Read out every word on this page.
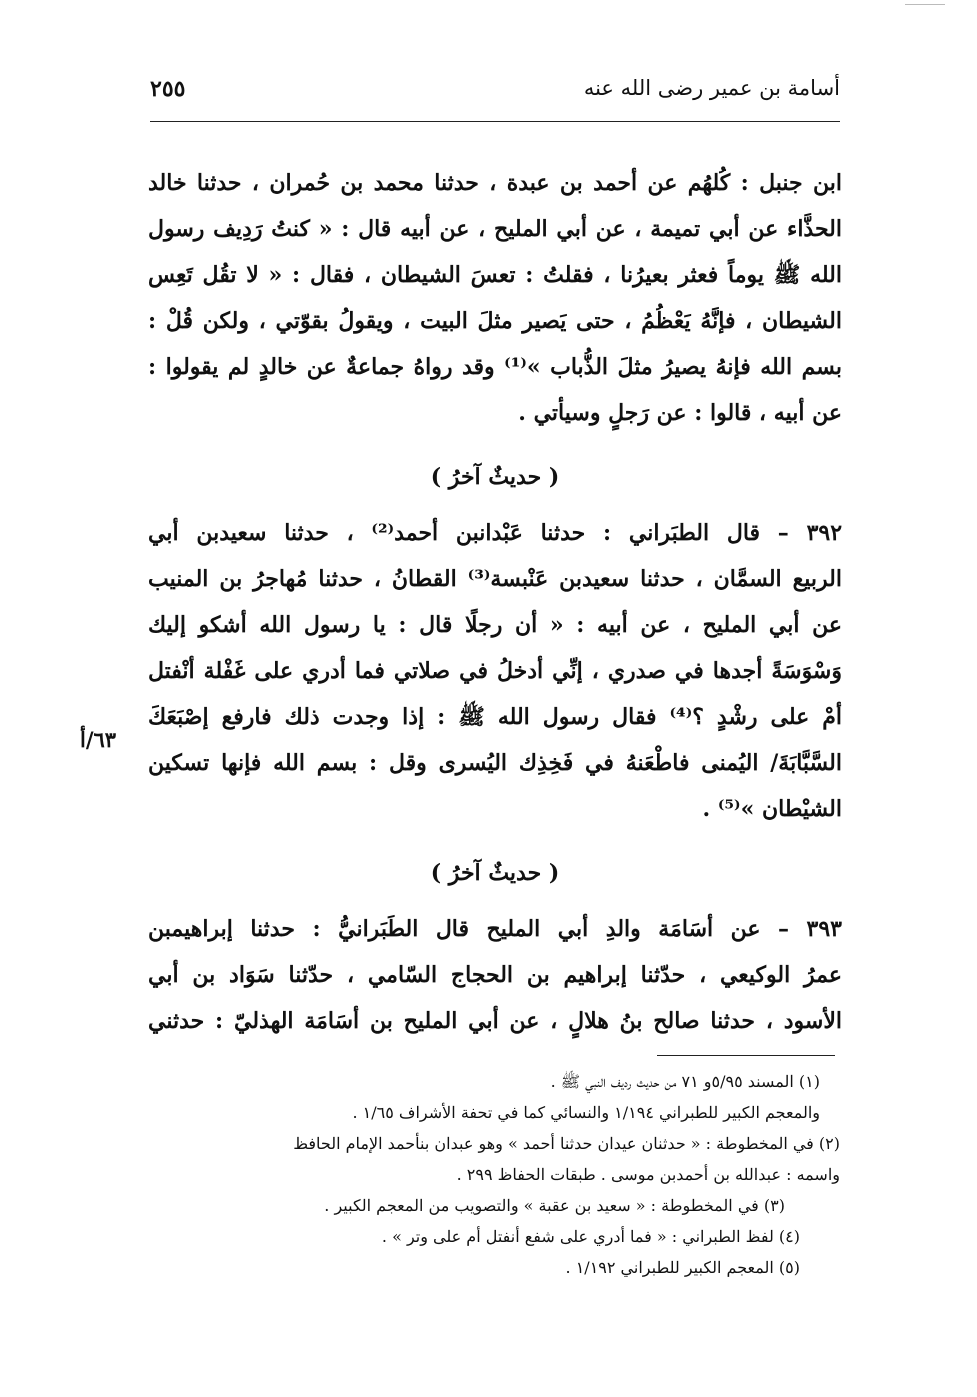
أسامة بن عمير رضى الله عنه
٢٥٥
ابن جنبل : كُلهُم عن أحمد بن عبدة ، حدثنا محمد بن حُمران ، حدثنا خالد
الحذَّاء عن أبي تميمة ، عن أبي المليح ، عن أبيه قال : « كنتُ رَدِيف رسول
الله ﷺ يوماً فعثر بعيرُنا ، فقلتُ : تعسَ الشيطان ، فقال : « لا تقُل تَعِس
الشيطان ، فإنَّهُ يَعْظُمُ ، حتى يَصير مثلَ البيت ، ويقولُ بقوّتي ، ولكن قُلْ :
بسم الله فإنهُ يصيرُ مثلَ الذُّباب »⁽¹⁾ وقد رواهُ جماعةٌ عن خالدٍ لم يقولوا :
عن أبيه ، قالوا : عن رَجلٍ وسيأتي .
( حديثٌ آخرُ )
٣٩٢ – قال الطبَراني : حدثنا عَبْدانبن أحمد⁽²⁾ ، حدثنا سعيدبن أبي
الربيع السمَّان ، حدثنا سعيدبن عَنْبسة⁽³⁾ القطانُ ، حدثنا مُهاجرُ بن المنيب
عن أبي المليح ، عن أبيه : « أن رجلًا قال : يا رسول الله أشكو إليك
وَسْوَسَةً أجدها في صدري ، إنِّي أدخلُ في صلاتي فما أدري على غَفْلة أنْفتل
أمْ على رشْدٍ ؟⁽⁴⁾ فقال رسول الله ﷺ : إذا وجدت ذلك فارفع إصْبَعَكَ
السَّبَّابَةَ/ اليُمنى فاطْعَنهُ في فَخِذِك اليُسرى وقل : بسم الله فإنها تسكين
الشيْطان »⁽⁵⁾ .
( حديثٌ آخرُ )
٣٩٣ – عن أسَامَة والدِ أبي المليح قال الطَبَرانيُّ : حدثنا إبراهيمبن
عمرُ الوكيعي ، حدّثنا إبراهيم بن الحجاج السّامي ، حدّثنا سَوَاد بن أبي
الأسود ، حدثنا صالح بنُ هلالٍ ، عن أبي المليح بن أسَامَة الهذليّ : حدثني
٦٣/أ
(١) المسند ٥/٩٥و ٧١ من حديث رديف النبي ﷺ .
والمعجم الكبير للطبراني ١/١٩٤ والنسائي كما في تحفة الأشراف ١/٦٥ .
(٢) في المخطوطة : « حدثنان عيدان حدثنا أحمد » وهو عبدان بنأحمد الإمام الحافظ
واسمه : عبدالله بن أحمدبن موسى . طبقات الحفاظ ٢٩٩ .
(٣) في المخطوطة : « سعيد بن عقبة » والتصويب من المعجم الكبير .
(٤) لفظ الطبراني : « فما أدري على شفع أنفتل أم على وتر » .
(٥) المعجم الكبير للطبراني ١/١٩٢ .
